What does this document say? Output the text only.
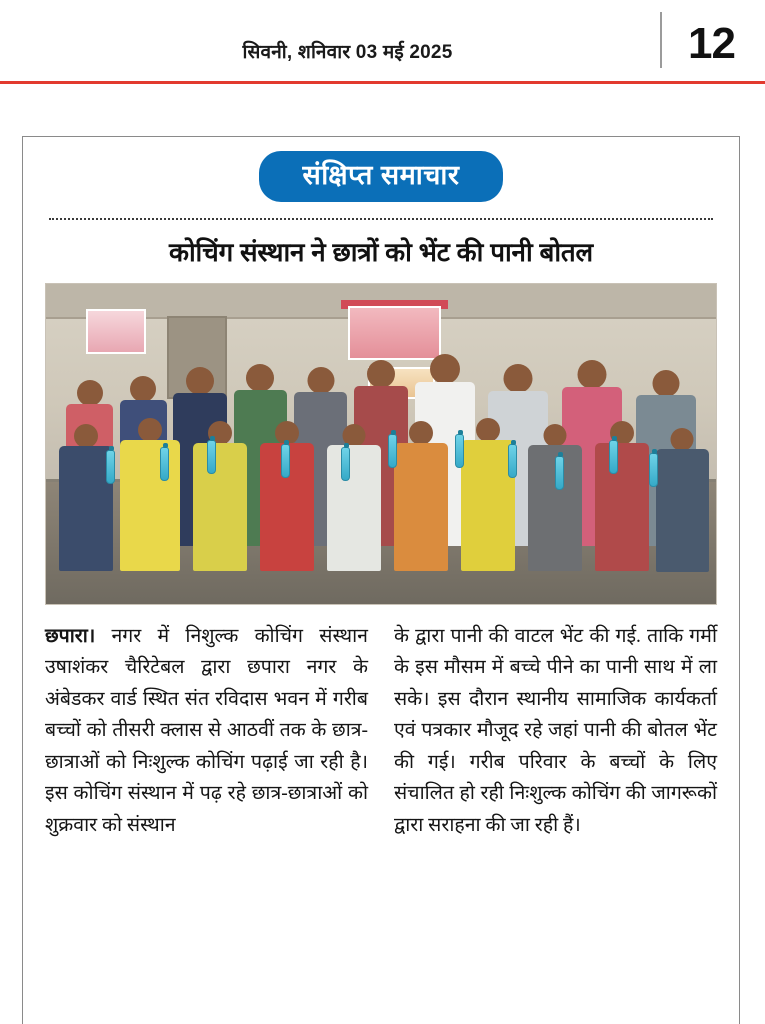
सिवनी, शनिवार 03 मई 2025	12
संक्षिप्त समाचार
कोचिंग संस्थान ने छात्रों को भेंट की पानी बोतल

छपारा। नगर में निशुल्क कोचिंग संस्थान उषाशंकर चैरिटेबल द्वारा छपारा नगर के अंबेडकर वार्ड स्थित संत रविदास भवन में गरीब बच्चों को तीसरी क्लास से आठवीं तक के छात्र-छात्राओं को निःशुल्क कोचिंग पढ़ाई जा रही है। इस कोचिंग संस्थान में पढ़ रहे छात्र-छात्राओं को शुक्रवार को संस्थान

के द्वारा पानी की वाटल भेंट की गई. ताकि गर्मी के इस मौसम में बच्चे पीने का पानी साथ में ला सके। इस दौरान स्थानीय सामाजिक कार्यकर्ता एवं पत्रकार मौजूद रहे जहां पानी की बोतल भेंट की गई। गरीब परिवार के बच्चों के लिए संचालित हो रही निःशुल्क कोचिंग की जागरूकों द्वारा सराहना की जा रही हैं।
